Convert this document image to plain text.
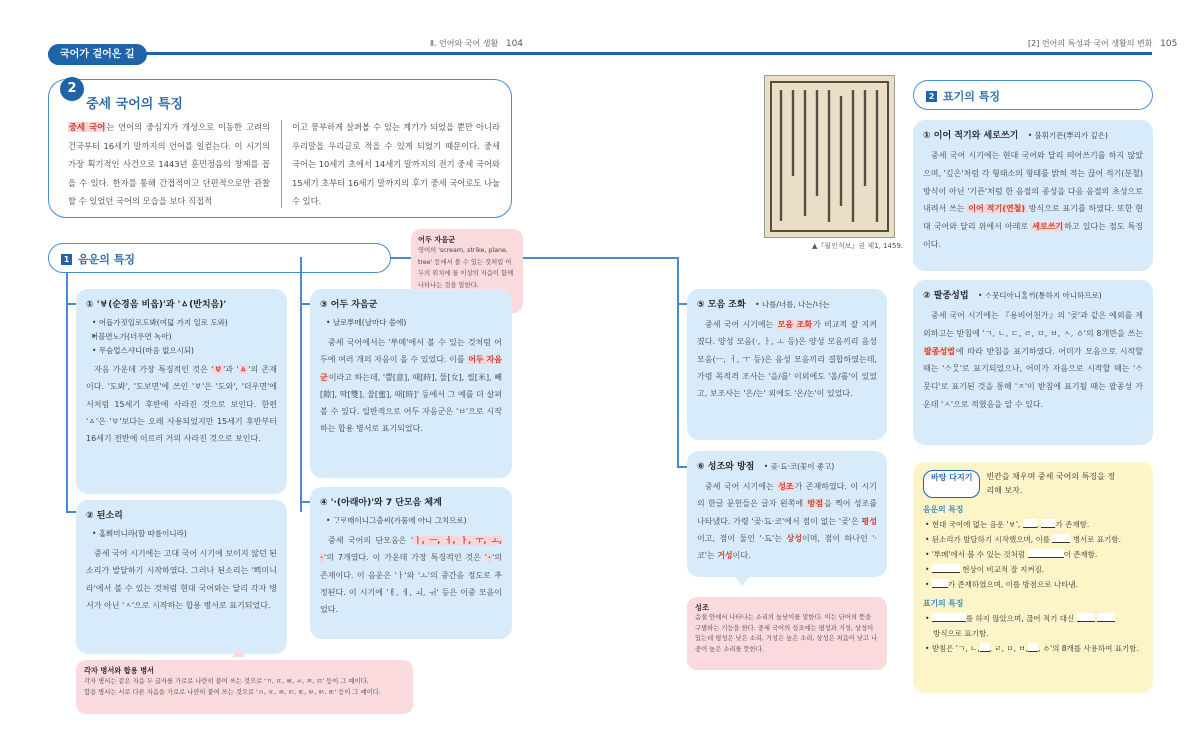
국어가 걸어온 길
Ⅱ. 언어와 국어 생활 104	[2] 언어의 특성과 국어 생활의 변화 105
2
중세 국어의 특징
중세 국어는 언어의 중심지가 개성으로 이동한 고려의 건국부터 16세기 말까지의 언어를 일컫는다. 이 시기의 가장 획기적인 사건으로 1443년 훈민정음의 창제를 꼽을 수 있다. 한자를 통해 간접적이고 단편적으로만 관찰할 수 있었던 국어의 모습을 보다 직접적
이고 풍부하게 살펴볼 수 있는 계기가 되었을 뿐만 아니라 우리말을 우리글로 적을 수 있게 되었기 때문이다. 중세 국어는 10세기 초에서 14세기 말까지의 전기 중세 국어와 15세기 초부터 16세기 말까지의 후기 중세 국어로도 나눌 수 있다.
▲『월인석보』권 제1, 1459.
1 음운의 특징
① 'ㅸ(순경음 비읍)'과 'ㅿ(반치음)'
• 어듭가짓일로도봐(여덟 가지 일로 도와)
• 더블면노가(더우면 녹아)
• 무슴업스샤디(마음 없으시되)
자음 가운데 가장 특징적인 것은 'ㅸ'과 'ㅿ'의 존재이다. '도봐', '도보면'에 쓰인 'ㅸ'은 '도와', '더우면'에서처럼 15세기 후반에 사라진 것으로 보인다. 한편 'ㅿ'은 'ㅸ'보다는 오래 사용되었지만 15세기 후반부터 16세기 전반에 이르러 거의 사라진 것으로 보인다.
② 된소리
• 홈ᄢᅴ미니라(할 따름이니라)
중세 국어 시기에는 고대 국어 시기에 보이지 않던 된소리가 발달하기 시작하였다. 그러나 된소리는 'ᄢᅴ미니라'에서 볼 수 있는 것처럼 현대 국어와는 달리 각자 병서가 아닌 'ㅅ'으로 시작하는 합용 병서로 표기되었다.
각자 병서와 합용 병서
각자 병서는 같은 자음 두 글자를 가로로 나란히 붙여 쓰는 것으로 'ㄲ, ㄸ, ㅃ, ㅆ, ㅉ, ㆅ' 등이 그 예이다.
합용 병서는 서로 다른 자음을 가로로 나란히 붙여 쓰는 것으로 'ㅺ, ㅼ, ㅽ, ㅲ, ㅳ, ㅄ, ㅶ, ㅷ' 등이 그 예이다.
어두 자음군
영어의 'scream, strike, plane, tree' 등에서 볼 수 있는 것처럼 어두의 위치에 둘 이상의 자음이 함께 나타나는 것을 말한다.
③ 어두 자음군
• 날로ᄡᅮ메(날마다 씀에)
중세 국어에서는 'ᄡᅮ메'에서 볼 수 있는 것처럼 어두에 여러 개의 자음이 올 수 있었다. 이를 어두 자음군이라고 하는데, '쁠[意], 때[時], 뚤[女], 씰[米], 빼[隙], 딱[雙], 쑬[蜜], 때[時]' 등에서 그 예를 더 살펴볼 수 있다. 일반적으로 어두 자음군은 'ㅂ'으로 시작하는 합용 병서로 표기되었다.
④ '·(아래아)'와 7 단모음 체계
• ᄀᆞᄅᆞ매ᅌᅵ니그츨씨(가뭄에 아니 그치므로)
중세 국어의 단모음은 'ㅣ, ㅡ, ㅓ, ㅏ, ㅜ, ㅗ, ·'의 7개였다. 이 가운데 가장 특징적인 것은 '·'의 존재이다. 이 음운은 'ㅏ'와 'ㅗ'의 중간음 정도로 추정된다. 이 시기에 'ㅐ, ㅔ, ㅚ, ㅟ' 등은 이중 모음이었다.
⑤ 모음 조화 • 나를/너를, 나는/너는
중세 국어 시기에는 모음 조화가 비교적 잘 지켜졌다. 양성 모음(·, ㅏ, ㅗ 등)은 양성 모음끼리 음성 모음(ㅡ, ㅓ, ㅜ 등)은 음성 모음끼리 결합하였는데, 가령 목적격 조사는 '을/를' 이외에도 '올/롤'이 있었고, 보조사는 '은/는' 외에도 '온/논'이 있었다.
⑥ 성조와 방점 • 곶·됴·코(꽃이 좋고)
중세 국어 시기에는 성조가 존재하였다. 이 시기의 한글 문헌들은 글자 왼쪽에 방점을 찍어 성조를 나타냈다. 가령 '곶·됴·코'에서 점이 없는 '곶'은 평성이고, 점이 둘인 '·됴'는 상성이며, 점이 하나인 '·코'는 거성이다.
성조
음절 안에서 나타나는 소리의 높낮이를 말한다. 이는 단어의 뜻을 구별하는 기능을 한다. 중세 국어의 성조에는 평성과 거성, 상성이 있는데 평성은 낮은 소리, 거성은 높은 소리, 상성은 처음이 낮고 나중이 높은 소리를 뜻한다.
2 표기의 특징
① 이어 적기와 세로쓰기 • 불휘기픈(뿌리가 깊은)
중세 국어 시기에는 현대 국어와 달리 띄어쓰기를 하지 않았으며, '깊은'처럼 각 형태소의 형태를 밝혀 적는 끊어 적기(분철) 방식이 아닌 '기픈'처럼 한 음절의 종성을 다음 음절의 초성으로 내려서 쓰는 이어 적기(연철) 방식으로 표기를 하였다. 또한 현대 국어와 달리 위에서 아래로 세로쓰기하고 있다는 점도 특징이다.
② 팔종성법 • ᄉᆞ뭇디아니ᄒᆞᆯᄊᆡ(통하지 아니하므로)
중세 국어 시기에는 『용비어천가』의 '곶'과 같은 예외를 제외하고는 받침에 'ㄱ, ㄴ, ㄷ, ㄹ, ㅁ, ㅂ, ㅅ, ㆁ'의 8개만을 쓰는 팔종성법에 따라 받침을 표기하였다. 어미가 모음으로 시작할 때는 'ᄉᆞᄆᆞᆺ'로 표기되었으나, 어미가 자음으로 시작할 때는 'ᄉᆞ뭇디'로 표기된 것을 통해 'ㅈ'이 받침에 표기될 때는 팔종성 가운데 'ㅅ'으로 적혔음을 알 수 있다.
바탕 다지기	빈칸을 채우며 중세 국어의 특징을 정리해 보자.
음운의 특징
• 현대 국어에 없는 음운 'ㅸ', , 가 존재함.
• 된소리가 발달하기 시작했으며, 이를	병서로 표기함.
• 'ᄡᅮ메'에서 볼 수 있는 것처럼	이 존재함.
• 현상이 비교적 잘 지켜짐.
• 가 존재하였으며, 이를 방점으로 나타냄.
표기의 특징
• 를 하지 않았으며, 끊어 적기 대신
방식으로 표기함.
• 받침은 'ㄱ, ㄴ, , ㄹ, ㅁ, ㅂ, , ㆁ'의 8개를 사용하여 표기함.
